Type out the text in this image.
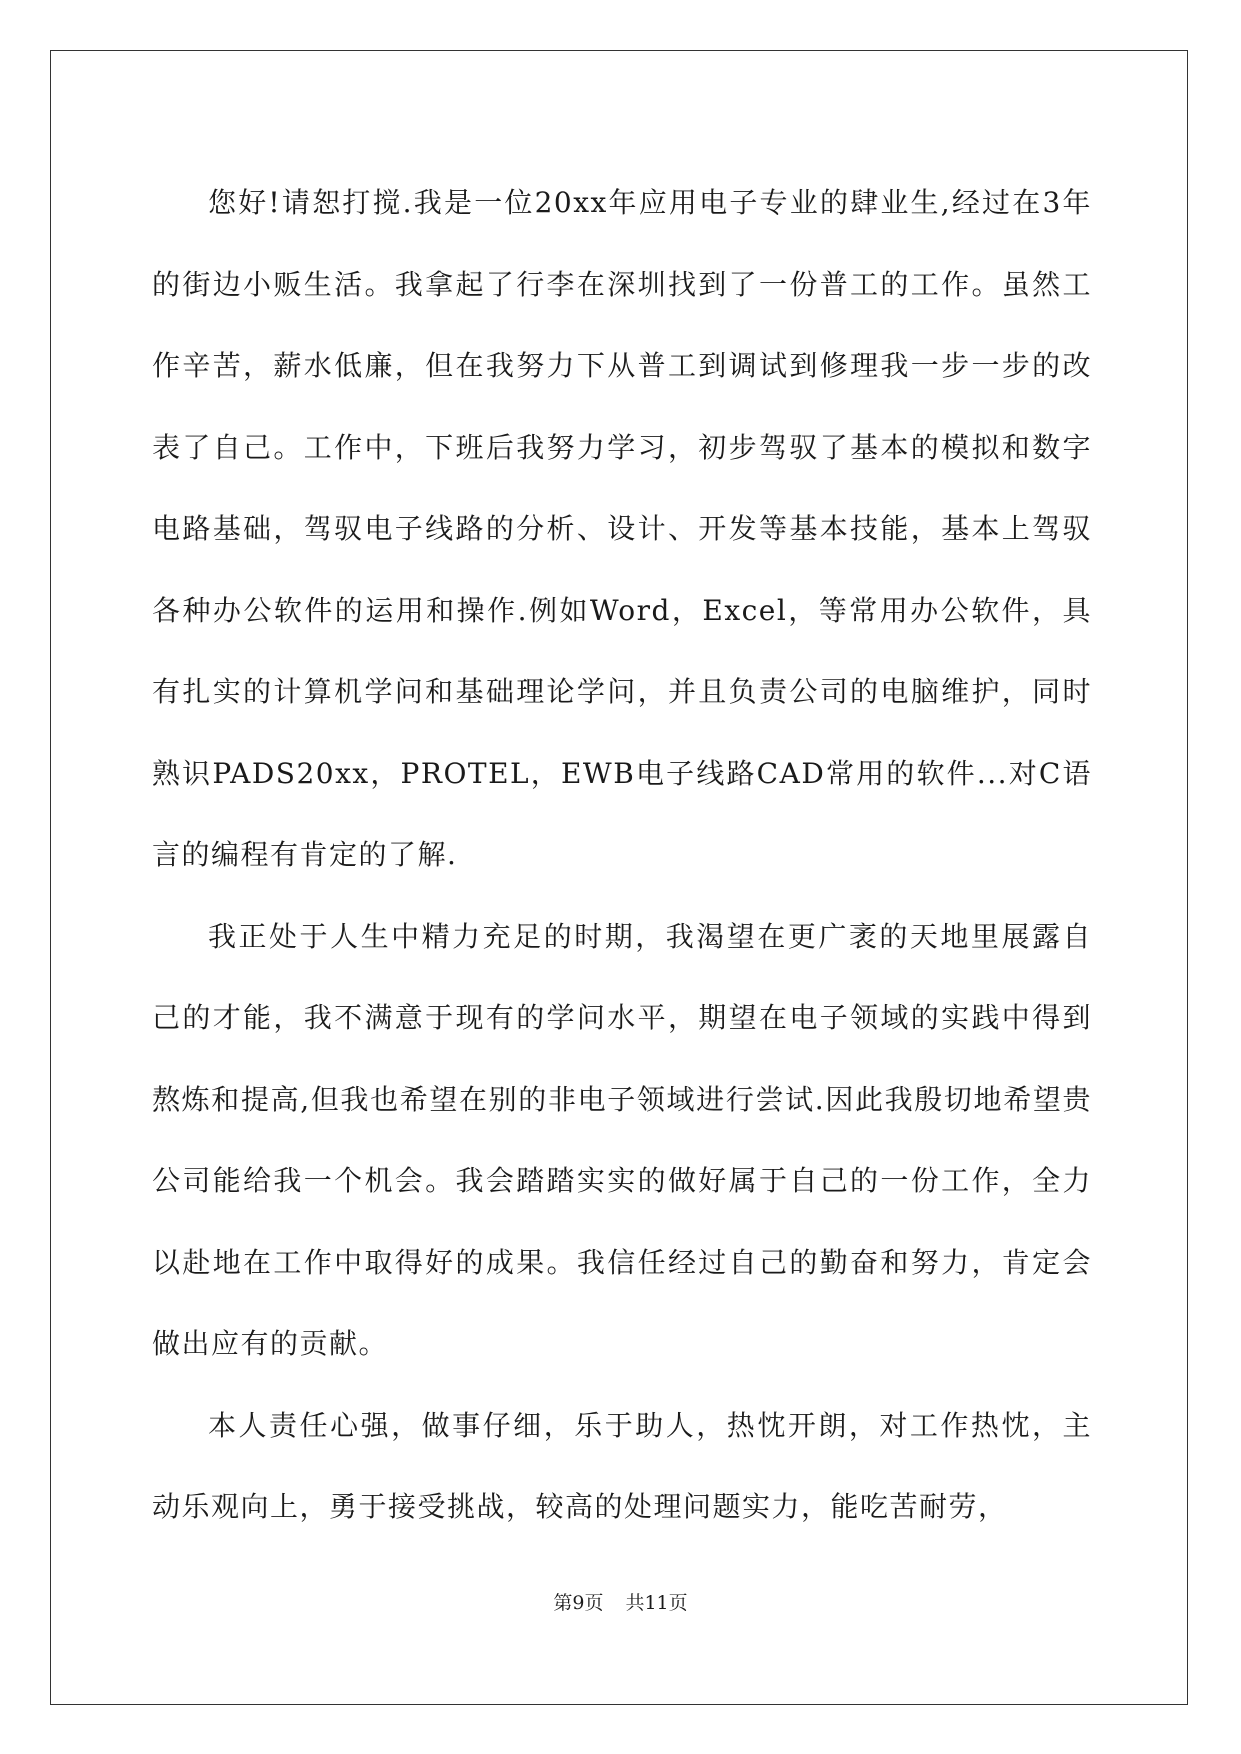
您好!请恕打搅.我是一位20xx年应用电子专业的肆业生,经过在3年的街边小贩生活。我拿起了行李在深圳找到了一份普工的工作。虽然工作辛苦，薪水低廉，但在我努力下从普工到调试到修理我一步一步的改表了自己。工作中，下班后我努力学习，初步驾驭了基本的模拟和数字电路基础，驾驭电子线路的分析、设计、开发等基本技能，基本上驾驭各种办公软件的运用和操作.例如Word，Excel，等常用办公软件，具有扎实的计算机学问和基础理论学问，并且负责公司的电脑维护，同时熟识PADS20xx，PROTEL，EWB电子线路CAD常用的软件...对C语言的编程有肯定的了解.

我正处于人生中精力充足的时期，我渴望在更广袤的天地里展露自己的才能，我不满意于现有的学问水平，期望在电子领域的实践中得到熬炼和提高,但我也希望在别的非电子领域进行尝试.因此我殷切地希望贵公司能给我一个机会。我会踏踏实实的做好属于自己的一份工作，全力以赴地在工作中取得好的成果。我信任经过自己的勤奋和努力，肯定会做出应有的贡献。

本人责任心强，做事仔细，乐于助人，热忱开朗，对工作热忱，主动乐观向上，勇于接受挑战，较高的处理问题实力，能吃苦耐劳，

第9页 共11页
